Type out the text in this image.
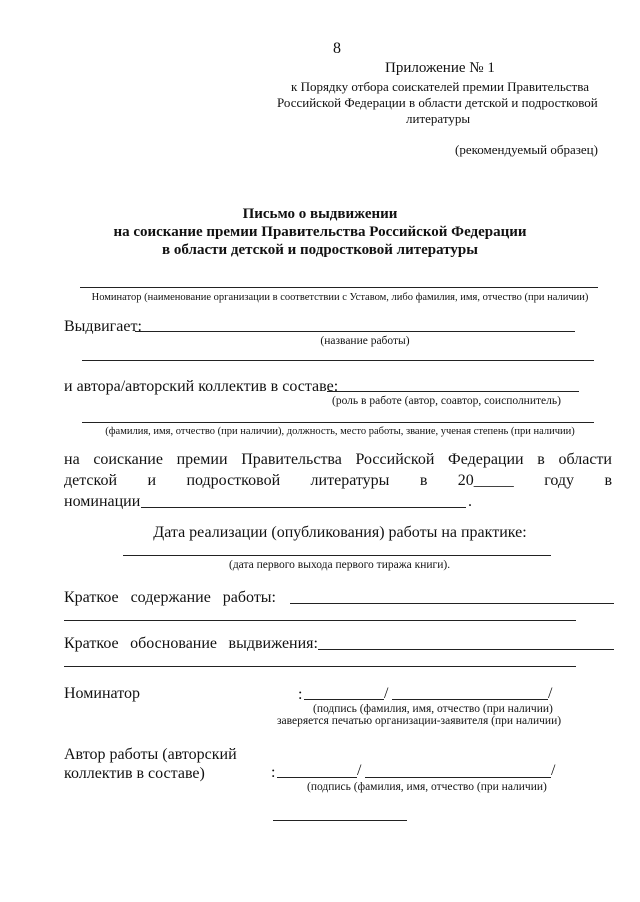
8
Приложение № 1
к Порядку отбора соискателей премии Правительства
Российской Федерации в области детской и подростковой
литературы
(рекомендуемый образец)
Письмо о выдвижении
на соискание премии Правительства Российской Федерации
в области детской и подростковой литературы
Номинатор (наименование организации в соответствии с Уставом, либо фамилия, имя, отчество (при наличии)
Выдвигает:
(название работы)
и автора/авторский коллектив в составе:
(роль в работе (автор, соавтор, соисполнитель)
(фамилия, имя, отчество (при наличии), должность, место работы, звание, ученая степень (при наличии)
на соискание премии Правительства Российской Федерации в области
детской и подростковой литературы в 20_____ году в
номинации	.
Дата реализации (опубликования) работы на практике:
(дата первого выхода первого тиража книги).
Краткое содержание работы:
Краткое обоснование выдвижения:
Номинатор	:	/	/
(подпись (фамилия, имя, отчество (при наличии)
заверяется печатью организации-заявителя (при наличии)
Автор работы (авторский
коллектив в составе)	:	/	/
(подпись (фамилия, имя, отчество (при наличии)
